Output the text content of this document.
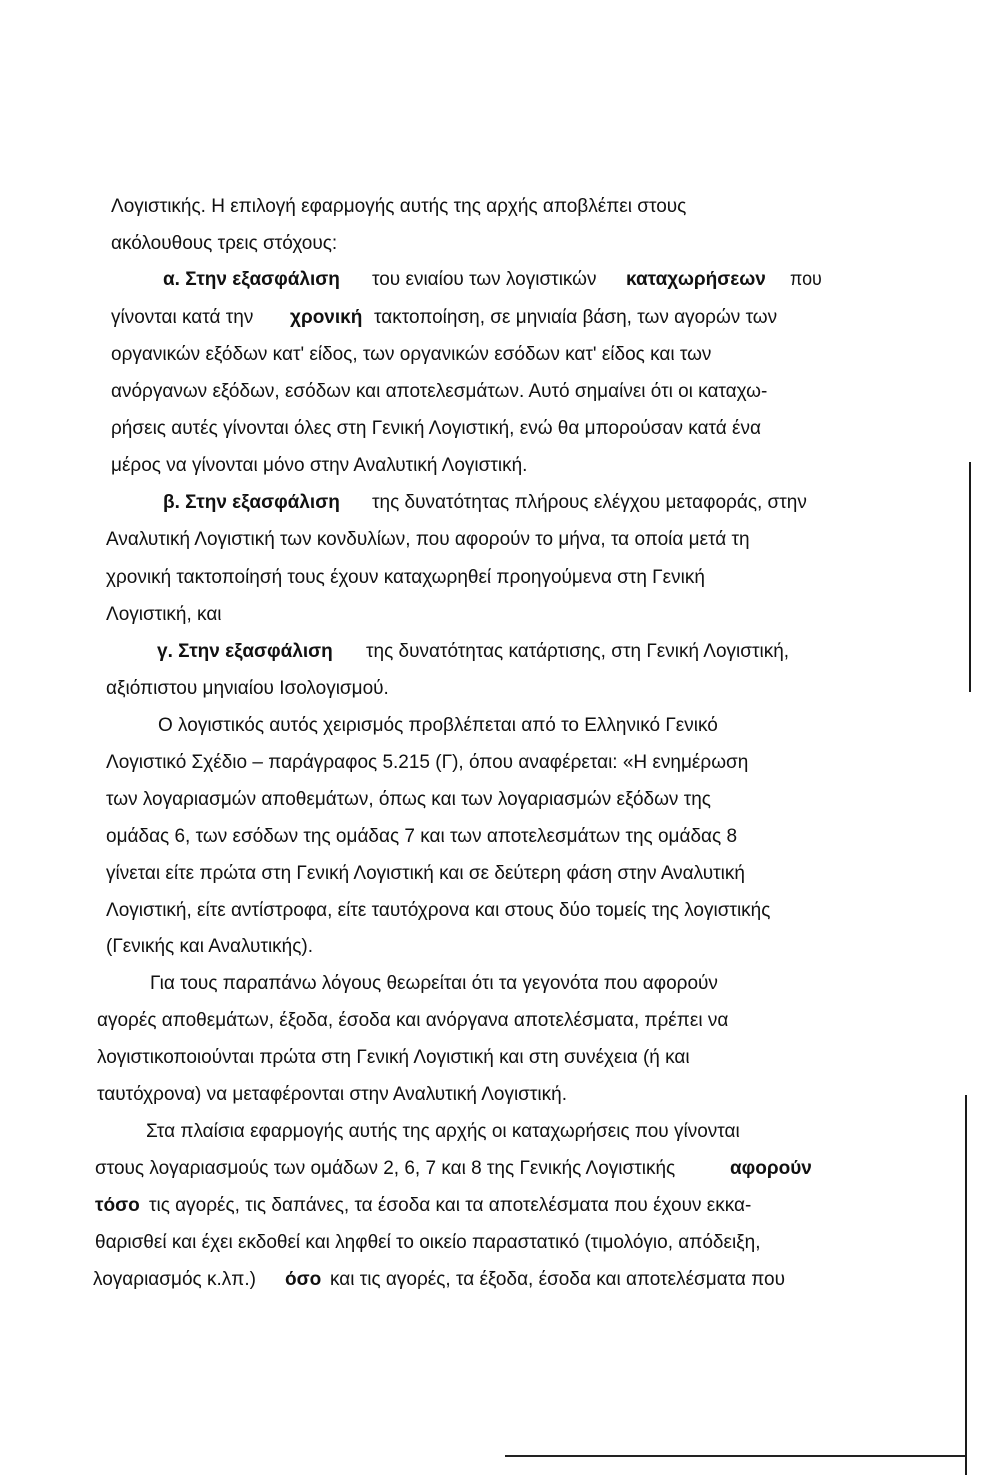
Λογιστικής. Η επιλογή εφαρμογής αυτής της αρχής αποβλέπει στους
ακόλουθους τρεις στόχους:
α. Στην εξασφάλιση του ενιαίου των λογιστικών καταχωρήσεων που
γίνονται κατά την χρονική τακτοποίηση, σε μηνιαία βάση, των αγορών των
οργανικών εξόδων κατ' είδος, των οργανικών εσόδων κατ' είδος και των
ανόργανων εξόδων, εσόδων και αποτελεσμάτων. Αυτό σημαίνει ότι οι καταχω-
ρήσεις αυτές γίνονται όλες στη Γενική Λογιστική, ενώ θα μπορούσαν κατά ένα
μέρος να γίνονται μόνο στην Αναλυτική Λογιστική.
β. Στην εξασφάλιση της δυνατότητας πλήρους ελέγχου μεταφοράς, στην
Αναλυτική Λογιστική των κονδυλίων, που αφορούν το μήνα, τα οποία μετά τη
χρονική τακτοποίησή τους έχουν καταχωρηθεί προηγούμενα στη Γενική
Λογιστική, και
γ. Στην εξασφάλιση της δυνατότητας κατάρτισης, στη Γενική Λογιστική,
αξιόπιστου μηνιαίου Ισολογισμού.
Ο λογιστικός αυτός χειρισμός προβλέπεται από το Ελληνικό Γενικό
Λογιστικό Σχέδιο – παράγραφος 5.215 (Γ), όπου αναφέρεται: «Η ενημέρωση
των λογαριασμών αποθεμάτων, όπως και των λογαριασμών εξόδων της
ομάδας 6, των εσόδων της ομάδας 7 και των αποτελεσμάτων της ομάδας 8
γίνεται είτε πρώτα στη Γενική Λογιστική και σε δεύτερη φάση στην Αναλυτική
Λογιστική, είτε αντίστροφα, είτε ταυτόχρονα και στους δύο τομείς της λογιστικής
(Γενικής και Αναλυτικής).
Για τους παραπάνω λόγους θεωρείται ότι τα γεγονότα που αφορούν
αγορές αποθεμάτων, έξοδα, έσοδα και ανόργανα αποτελέσματα, πρέπει να
λογιστικοποιούνται πρώτα στη Γενική Λογιστική και στη συνέχεια (ή και
ταυτόχρονα) να μεταφέρονται στην Αναλυτική Λογιστική.
Στα πλαίσια εφαρμογής αυτής της αρχής οι καταχωρήσεις που γίνονται
στους λογαριασμούς των ομάδων 2, 6, 7 και 8 της Γενικής Λογιστικής	αφορούν
τόσο τις αγορές, τις δαπάνες, τα έσοδα και τα αποτελέσματα που έχουν εκκα-
θαρισθεί και έχει εκδοθεί και ληφθεί το οικείο παραστατικό (τιμολόγιο, απόδειξη,
λογαριασμός κ.λπ.) όσο και τις αγορές, τα έξοδα, έσοδα και αποτελέσματα που
